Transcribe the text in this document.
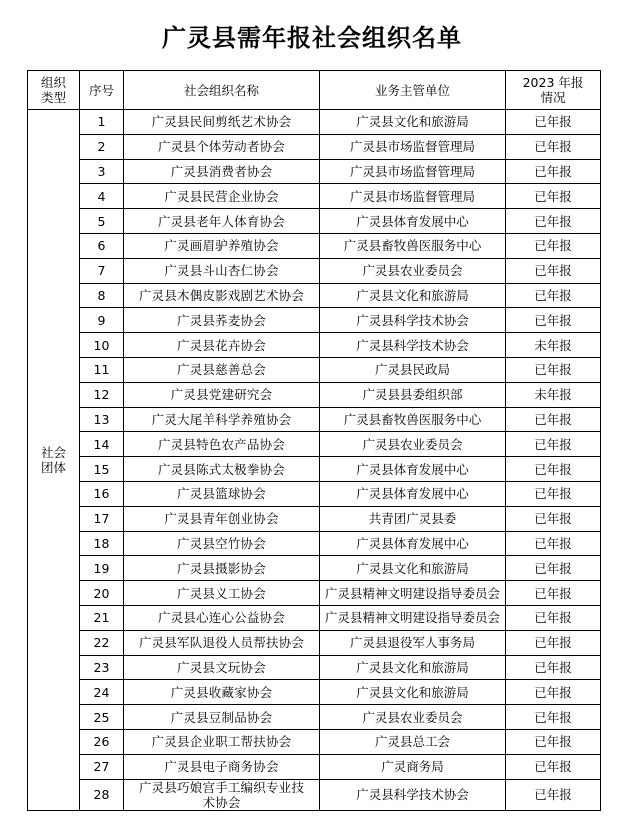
广灵县需年报社会组织名单
组织
类型	序号	社会组织名称	业务主管单位	2023 年报
情况
社会
团体	1	广灵县民间剪纸艺术协会	广灵县文化和旅游局	已年报
	2	广灵县个体劳动者协会	广灵县市场监督管理局	已年报
	3	广灵县消费者协会	广灵县市场监督管理局	已年报
	4	广灵县民营企业协会	广灵县市场监督管理局	已年报
	5	广灵县老年人体育协会	广灵县体育发展中心	已年报
	6	广灵画眉驴养殖协会	广灵县畜牧兽医服务中心	已年报
	7	广灵县斗山杏仁协会	广灵县农业委员会	已年报
	8	广灵县木偶皮影戏剧艺术协会	广灵县文化和旅游局	已年报
	9	广灵县荞麦协会	广灵县科学技术协会	已年报
	10	广灵县花卉协会	广灵县科学技术协会	未年报
	11	广灵县慈善总会	广灵县民政局	已年报
	12	广灵县党建研究会	广灵县县委组织部	未年报
	13	广灵大尾羊科学养殖协会	广灵县畜牧兽医服务中心	已年报
	14	广灵县特色农产品协会	广灵县农业委员会	已年报
	15	广灵县陈式太极拳协会	广灵县体育发展中心	已年报
	16	广灵县篮球协会	广灵县体育发展中心	已年报
	17	广灵县青年创业协会	共青团广灵县委	已年报
	18	广灵县空竹协会	广灵县体育发展中心	已年报
	19	广灵县摄影协会	广灵县文化和旅游局	已年报
	20	广灵县义工协会	广灵县精神文明建设指导委员会	已年报
	21	广灵县心连心公益协会	广灵县精神文明建设指导委员会	已年报
	22	广灵县军队退役人员帮扶协会	广灵县退役军人事务局	已年报
	23	广灵县文玩协会	广灵县文化和旅游局	已年报
	24	广灵县收藏家协会	广灵县文化和旅游局	已年报
	25	广灵县豆制品协会	广灵县农业委员会	已年报
	26	广灵县企业职工帮扶协会	广灵县总工会	已年报
	27	广灵县电子商务协会	广灵商务局	已年报
	28	广灵县巧娘宫手工编织专业技术协会	广灵县科学技术协会	已年报
